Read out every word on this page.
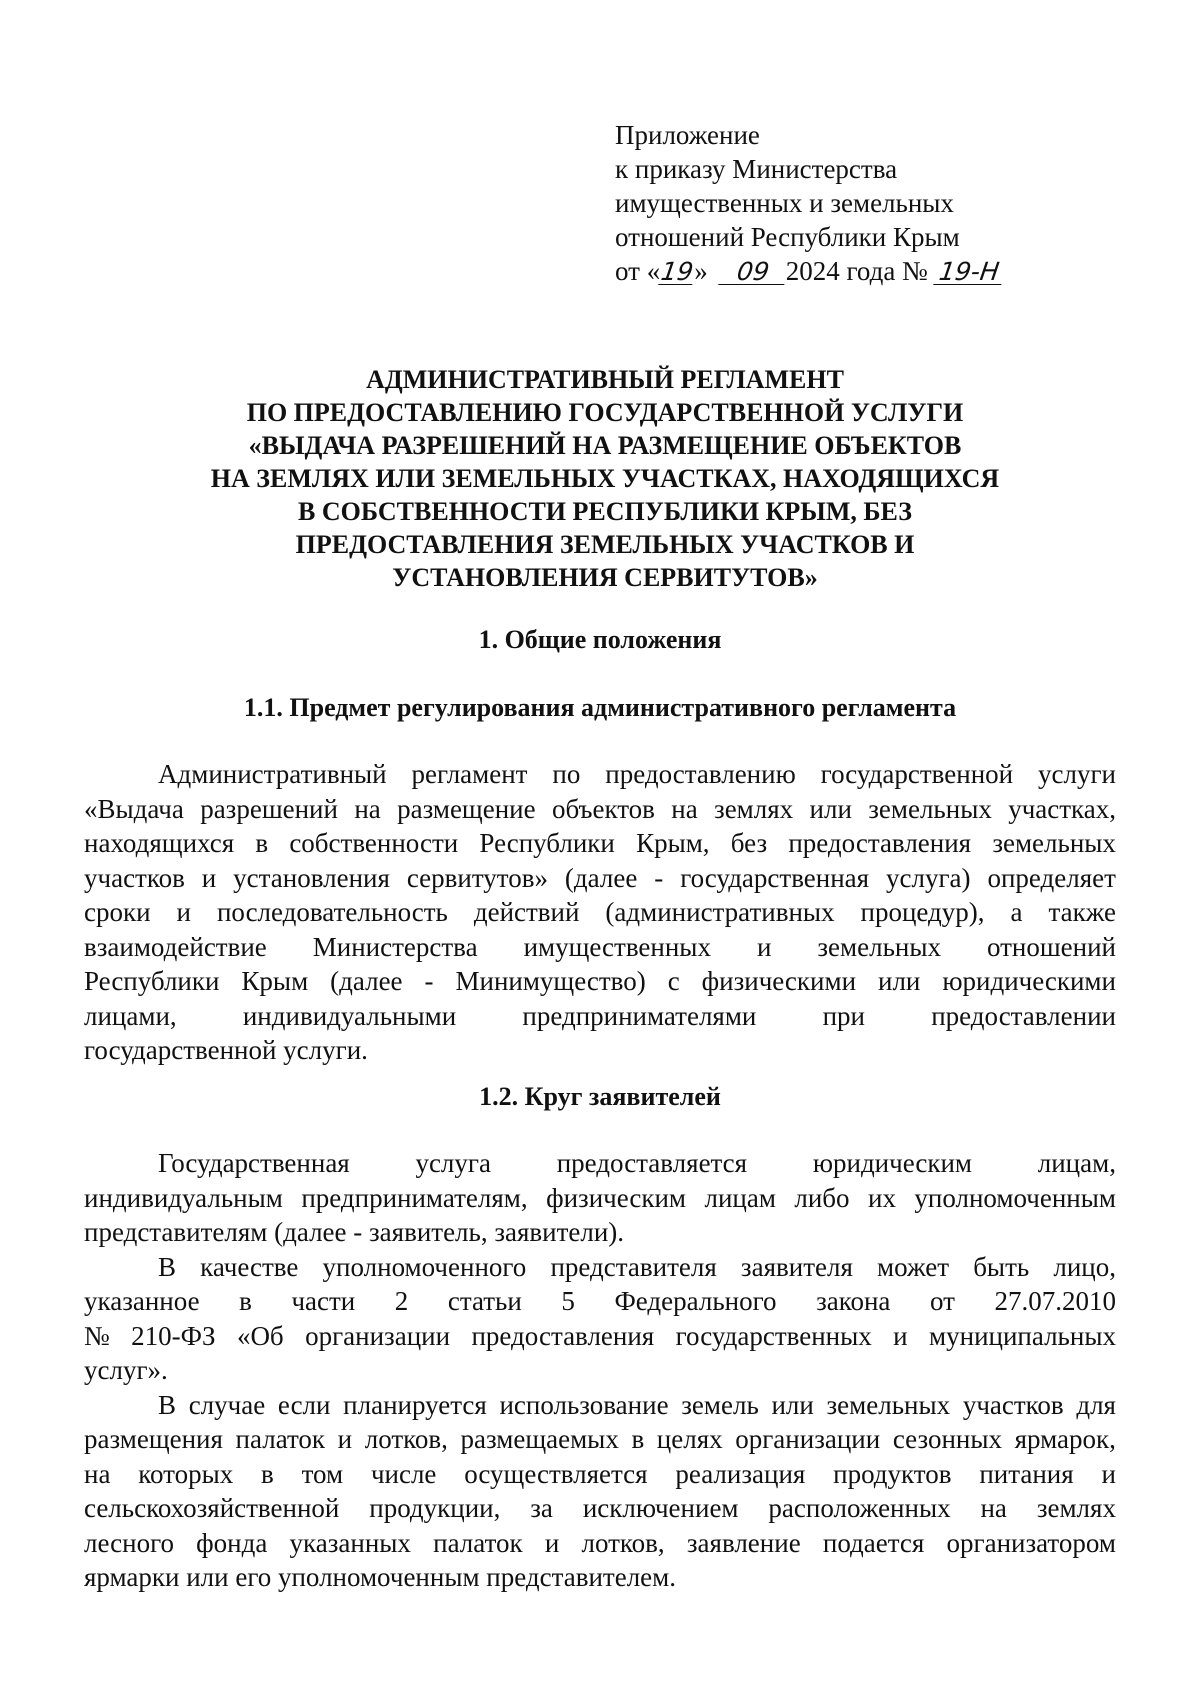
Приложение
к приказу Министерства
имущественных и земельных
отношений Республики Крым
от «19» 09 2024 года № 19-Н
АДМИНИСТРАТИВНЫЙ РЕГЛАМЕНТ
ПО ПРЕДОСТАВЛЕНИЮ ГОСУДАРСТВЕННОЙ УСЛУГИ
«ВЫДАЧА РАЗРЕШЕНИЙ НА РАЗМЕЩЕНИЕ ОБЪЕКТОВ
НА ЗЕМЛЯХ ИЛИ ЗЕМЕЛЬНЫХ УЧАСТКАХ, НАХОДЯЩИХСЯ
В СОБСТВЕННОСТИ РЕСПУБЛИКИ КРЫМ, БЕЗ
ПРЕДОСТАВЛЕНИЯ ЗЕМЕЛЬНЫХ УЧАСТКОВ И
УСТАНОВЛЕНИЯ СЕРВИТУТОВ»
1. Общие положения
1.1. Предмет регулирования административного регламента
Административный регламент по предоставлению государственной услуги
«Выдача разрешений на размещение объектов на землях или земельных участках,
находящихся в собственности Республики Крым, без предоставления земельных
участков и установления сервитутов» (далее - государственная услуга) определяет
сроки и последовательность действий (административных процедур), а также
взаимодействие Министерства имущественных и земельных отношений
Республики Крым (далее - Минимущество) с физическими или юридическими
лицами, индивидуальными предпринимателями при предоставлении
государственной услуги.
1.2. Круг заявителей
Государственная услуга предоставляется юридическим лицам,
индивидуальным предпринимателям, физическим лицам либо их уполномоченным
представителям (далее - заявитель, заявители).
В качестве уполномоченного представителя заявителя может быть лицо,
указанное в части 2 статьи 5 Федерального закона от 27.07.2010
№ 210-ФЗ «Об организации предоставления государственных и муниципальных
услуг».
В случае если планируется использование земель или земельных участков для
размещения палаток и лотков, размещаемых в целях организации сезонных ярмарок,
на которых в том числе осуществляется реализация продуктов питания и
сельскохозяйственной продукции, за исключением расположенных на землях
лесного фонда указанных палаток и лотков, заявление подается организатором
ярмарки или его уполномоченным представителем.
